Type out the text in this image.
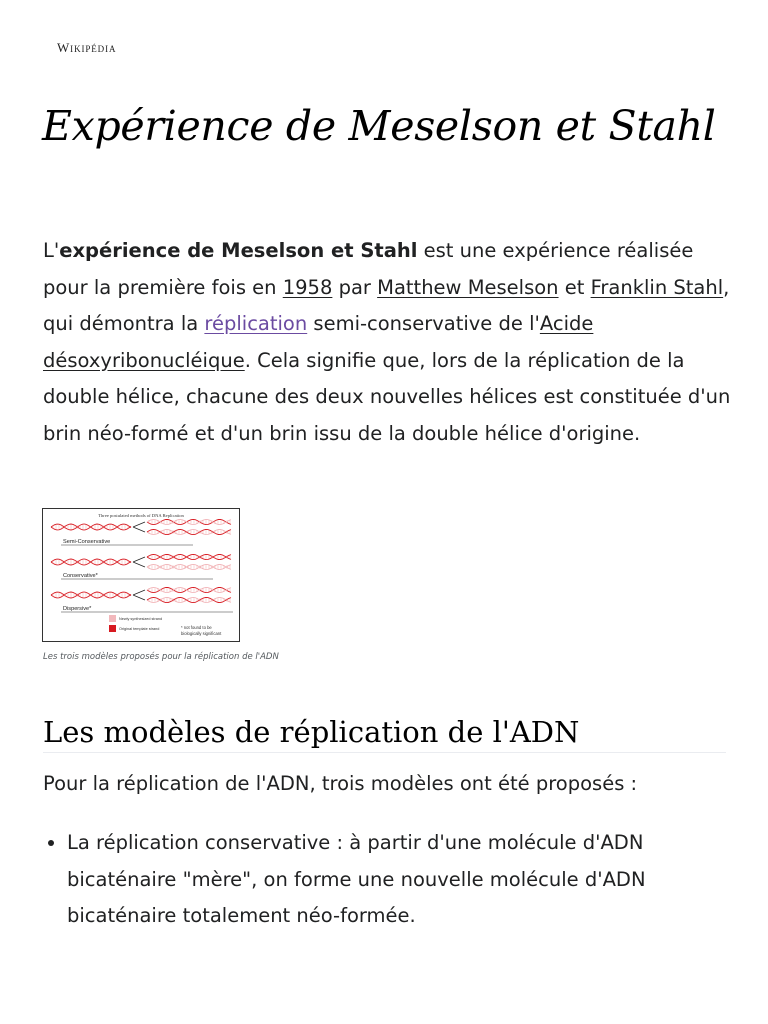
Wikipédia
Expérience de Meselson et Stahl

L'expérience de Meselson et Stahl est une expérience réalisée pour la première fois en 1958 par Matthew Meselson et Franklin Stahl, qui démontra la réplication semi-conservative de l'Acide désoxyribonucléique. Cela signifie que, lors de la réplication de la double hélice, chacune des deux nouvelles hélices est constituée d'un brin néo-formé et d'un brin issu de la double hélice d'origine.

Three postulated methods of DNA Replication
Semi-Conservative
Conservative*
Dispersive*
Newly synthesized strand
Original template strand	* not found to be
biologically significant
Les trois modèles proposés pour la réplication de l'ADN
Les modèles de réplication de l'ADN

Pour la réplication de l'ADN, trois modèles ont été proposés :

La réplication conservative : à partir d'une molécule d'ADN bicaténaire "mère", on forme une nouvelle molécule d'ADN bicaténaire totalement néo-formée.
